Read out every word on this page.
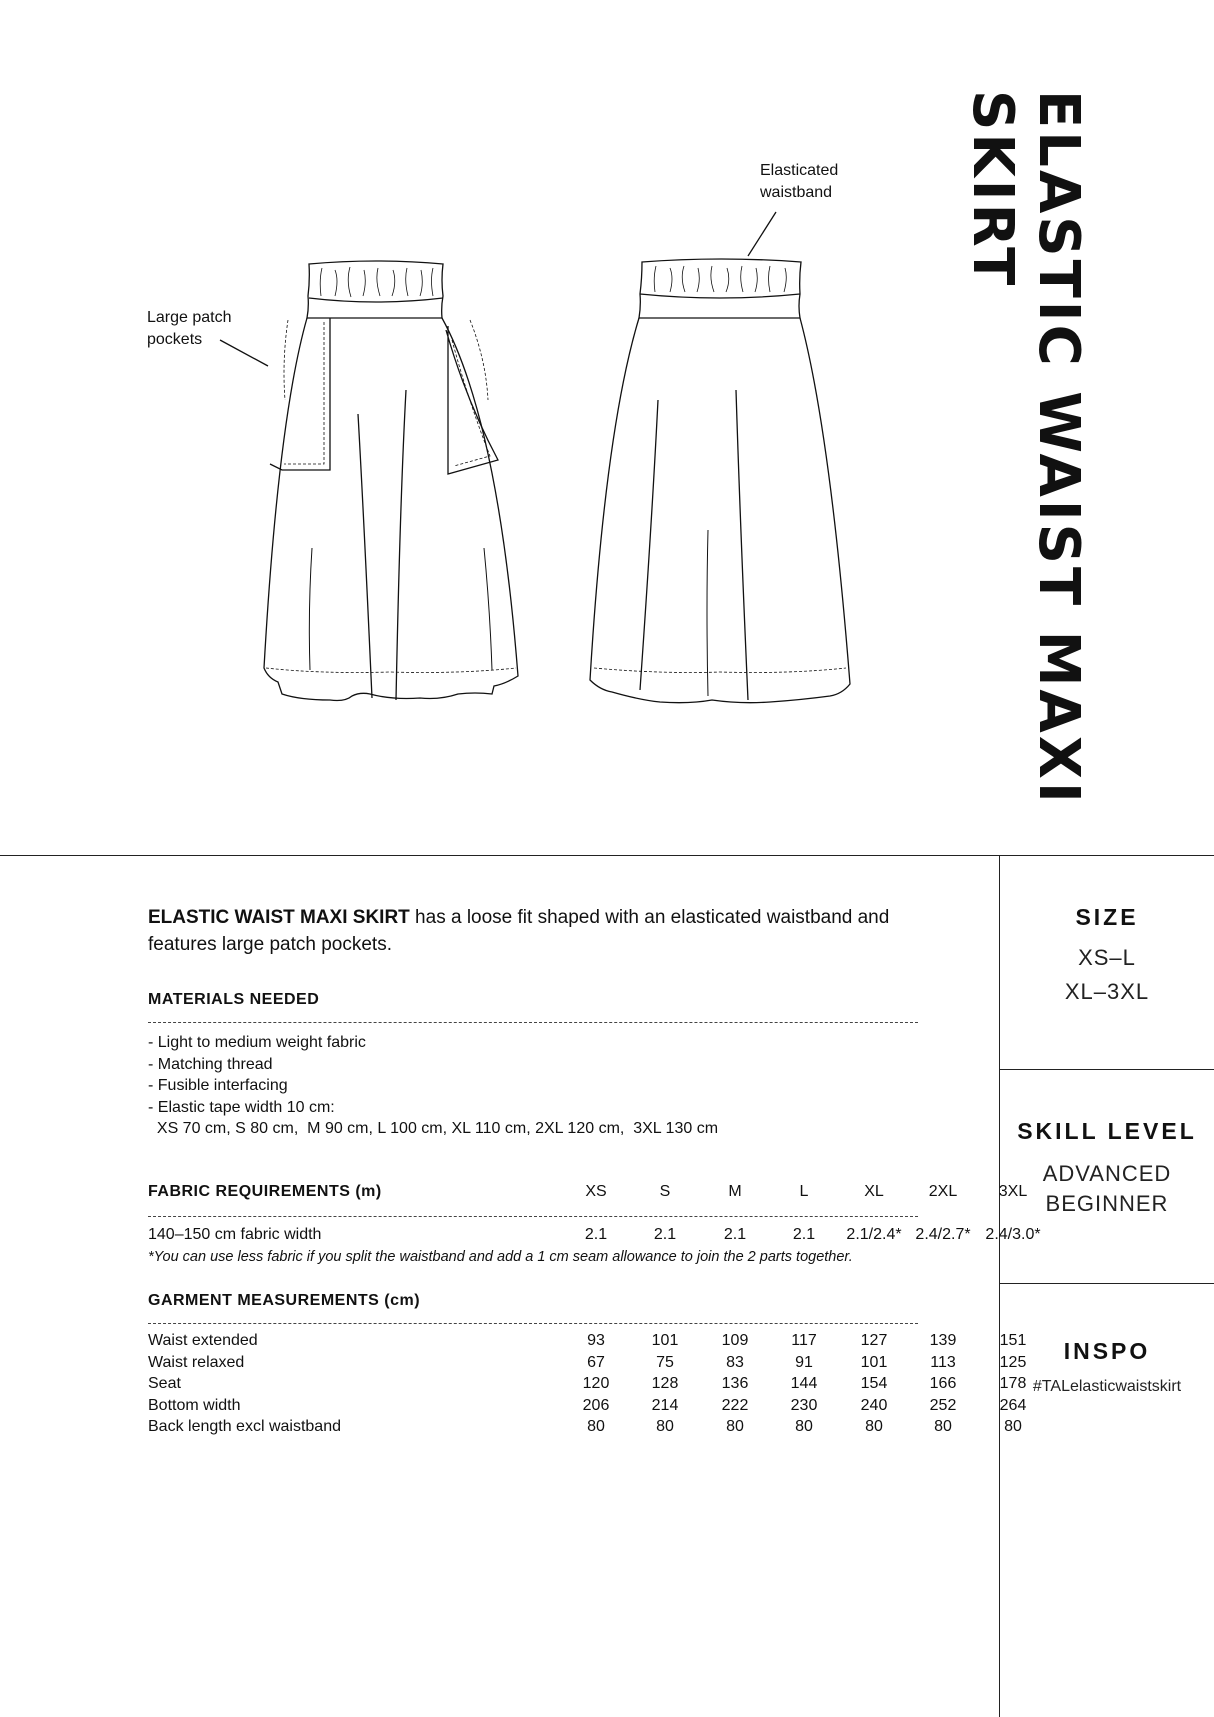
ELASTIC WAIST MAXI
SKIRT
Elasticated
waistband
Large patch
pockets
SIZE
XS–L
XL–3XL
SKILL LEVEL
ADVANCED
BEGINNER
INSPO
#TALelasticwaistskirt
ELASTIC WAIST MAXI SKIRT has a loose fit shaped with an elasticated waistband and features large patch pockets.
MATERIALS NEEDED
- Light to medium weight fabric
- Matching thread
- Fusible interfacing
- Elastic tape width 10 cm:
XS 70 cm, S 80 cm,  M 90 cm, L 100 cm, XL 110 cm, 2XL 120 cm,  3XL 130 cm
FABRIC REQUIREMENTS (m)	XS	S	M	L	XL	2XL	3XL
140–150 cm fabric width	2.1	2.1	2.1	2.1	2.1/2.4* 2.4/2.7* 2.4/3.0*
*You can use less fabric if you split the waistband and add a 1 cm seam allowance to join the 2 parts together.
GARMENT MEASUREMENTS (cm)
Waist extended	93	101	109	117	127	139	151
Waist relaxed	67	75	83	91	101	113	125
Seat	120	128	136	144	154	166	178
Bottom width	206	214	222	230	240	252	264
Back length excl waistband	80	80	80	80	80	80	80
